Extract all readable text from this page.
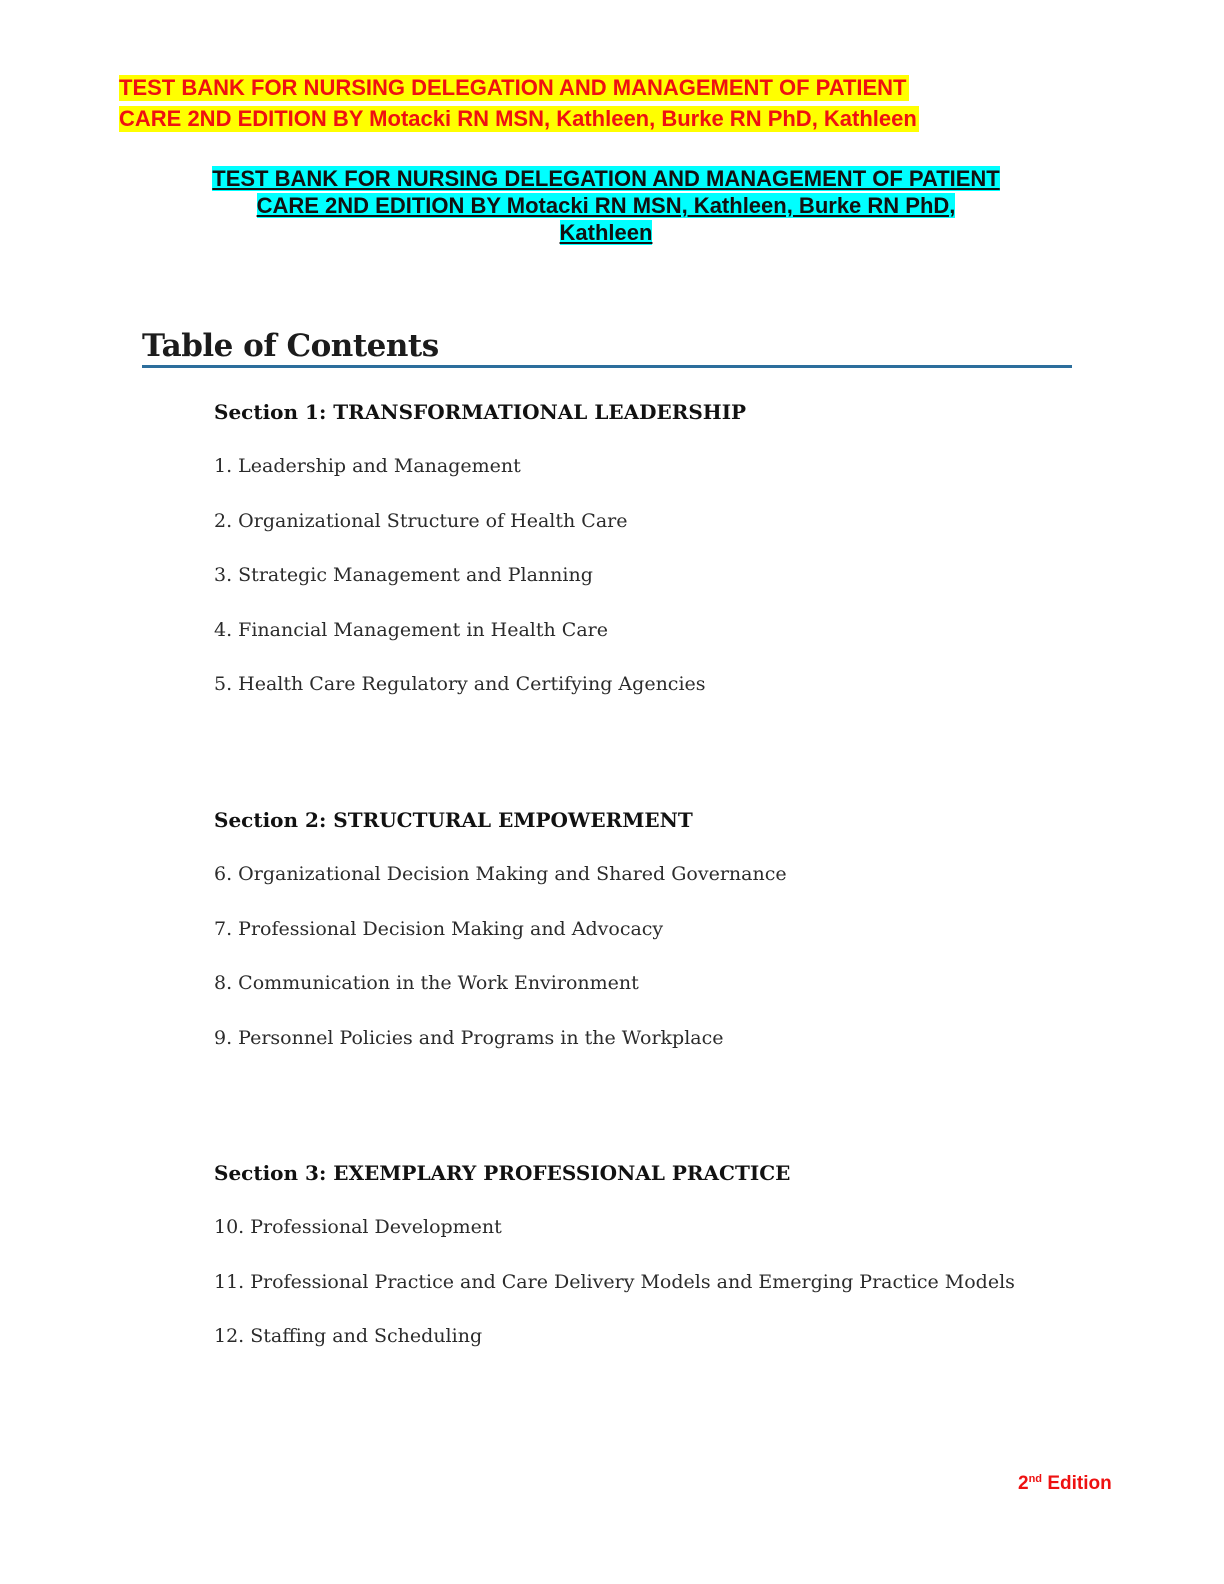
TEST BANK FOR NURSING DELEGATION AND MANAGEMENT OF PATIENT
CARE 2ND EDITION BY Motacki RN MSN, Kathleen, Burke RN PhD, Kathleen
TEST BANK FOR NURSING DELEGATION AND MANAGEMENT OF PATIENT
CARE 2ND EDITION BY Motacki RN MSN, Kathleen, Burke RN PhD,
Kathleen
Table of Contents
Section 1: TRANSFORMATIONAL LEADERSHIP
1. Leadership and Management
2. Organizational Structure of Health Care
3. Strategic Management and Planning
4. Financial Management in Health Care
5. Health Care Regulatory and Certifying Agencies
Section 2: STRUCTURAL EMPOWERMENT
6. Organizational Decision Making and Shared Governance
7. Professional Decision Making and Advocacy
8. Communication in the Work Environment
9. Personnel Policies and Programs in the Workplace
Section 3: EXEMPLARY PROFESSIONAL PRACTICE
10. Professional Development
11. Professional Practice and Care Delivery Models and Emerging Practice Models
12. Staffing and Scheduling
2nd Edition
